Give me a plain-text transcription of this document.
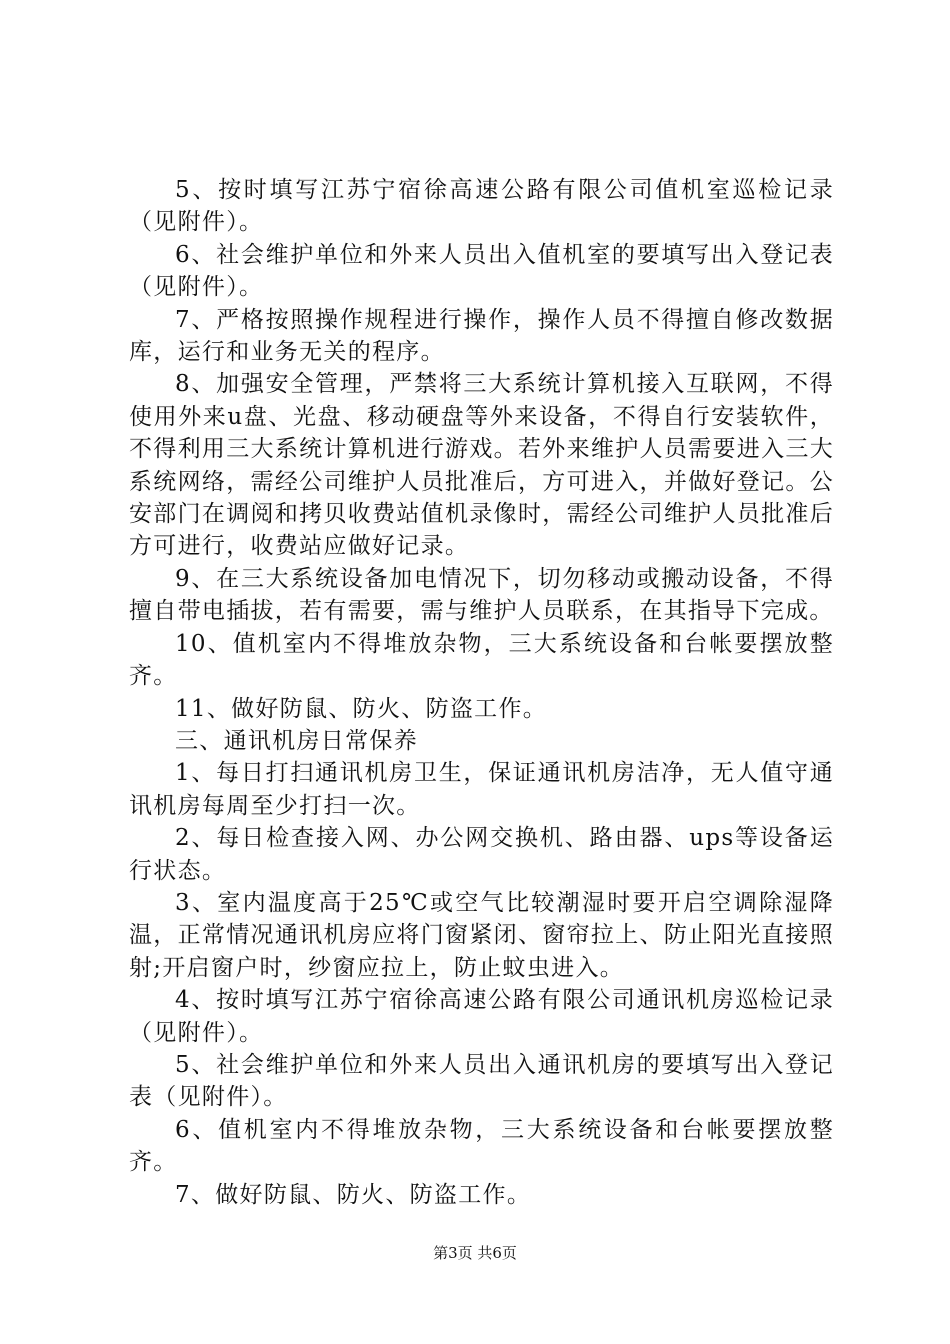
5、按时填写江苏宁宿徐高速公路有限公司值机室巡检记录（见附件）。

6、社会维护单位和外来人员出入值机室的要填写出入登记表（见附件）。

7、严格按照操作规程进行操作，操作人员不得擅自修改数据库，运行和业务无关的程序。

8、加强安全管理，严禁将三大系统计算机接入互联网，不得使用外来u盘、光盘、移动硬盘等外来设备，不得自行安装软件，不得利用三大系统计算机进行游戏。若外来维护人员需要进入三大系统网络，需经公司维护人员批准后，方可进入，并做好登记。公安部门在调阅和拷贝收费站值机录像时，需经公司维护人员批准后方可进行，收费站应做好记录。

9、在三大系统设备加电情况下，切勿移动或搬动设备，不得擅自带电插拔，若有需要，需与维护人员联系，在其指导下完成。

10、值机室内不得堆放杂物，三大系统设备和台帐要摆放整齐。

11、做好防鼠、防火、防盗工作。

三、通讯机房日常保养

1、每日打扫通讯机房卫生，保证通讯机房洁净，无人值守通讯机房每周至少打扫一次。

2、每日检查接入网、办公网交换机、路由器、ups等设备运行状态。

3、室内温度高于25℃或空气比较潮湿时要开启空调除湿降温，正常情况通讯机房应将门窗紧闭、窗帘拉上、防止阳光直接照射;开启窗户时，纱窗应拉上，防止蚊虫进入。

4、按时填写江苏宁宿徐高速公路有限公司通讯机房巡检记录（见附件）。

5、社会维护单位和外来人员出入通讯机房的要填写出入登记表（见附件）。

6、值机室内不得堆放杂物，三大系统设备和台帐要摆放整齐。

7、做好防鼠、防火、防盗工作。

第3页 共6页
